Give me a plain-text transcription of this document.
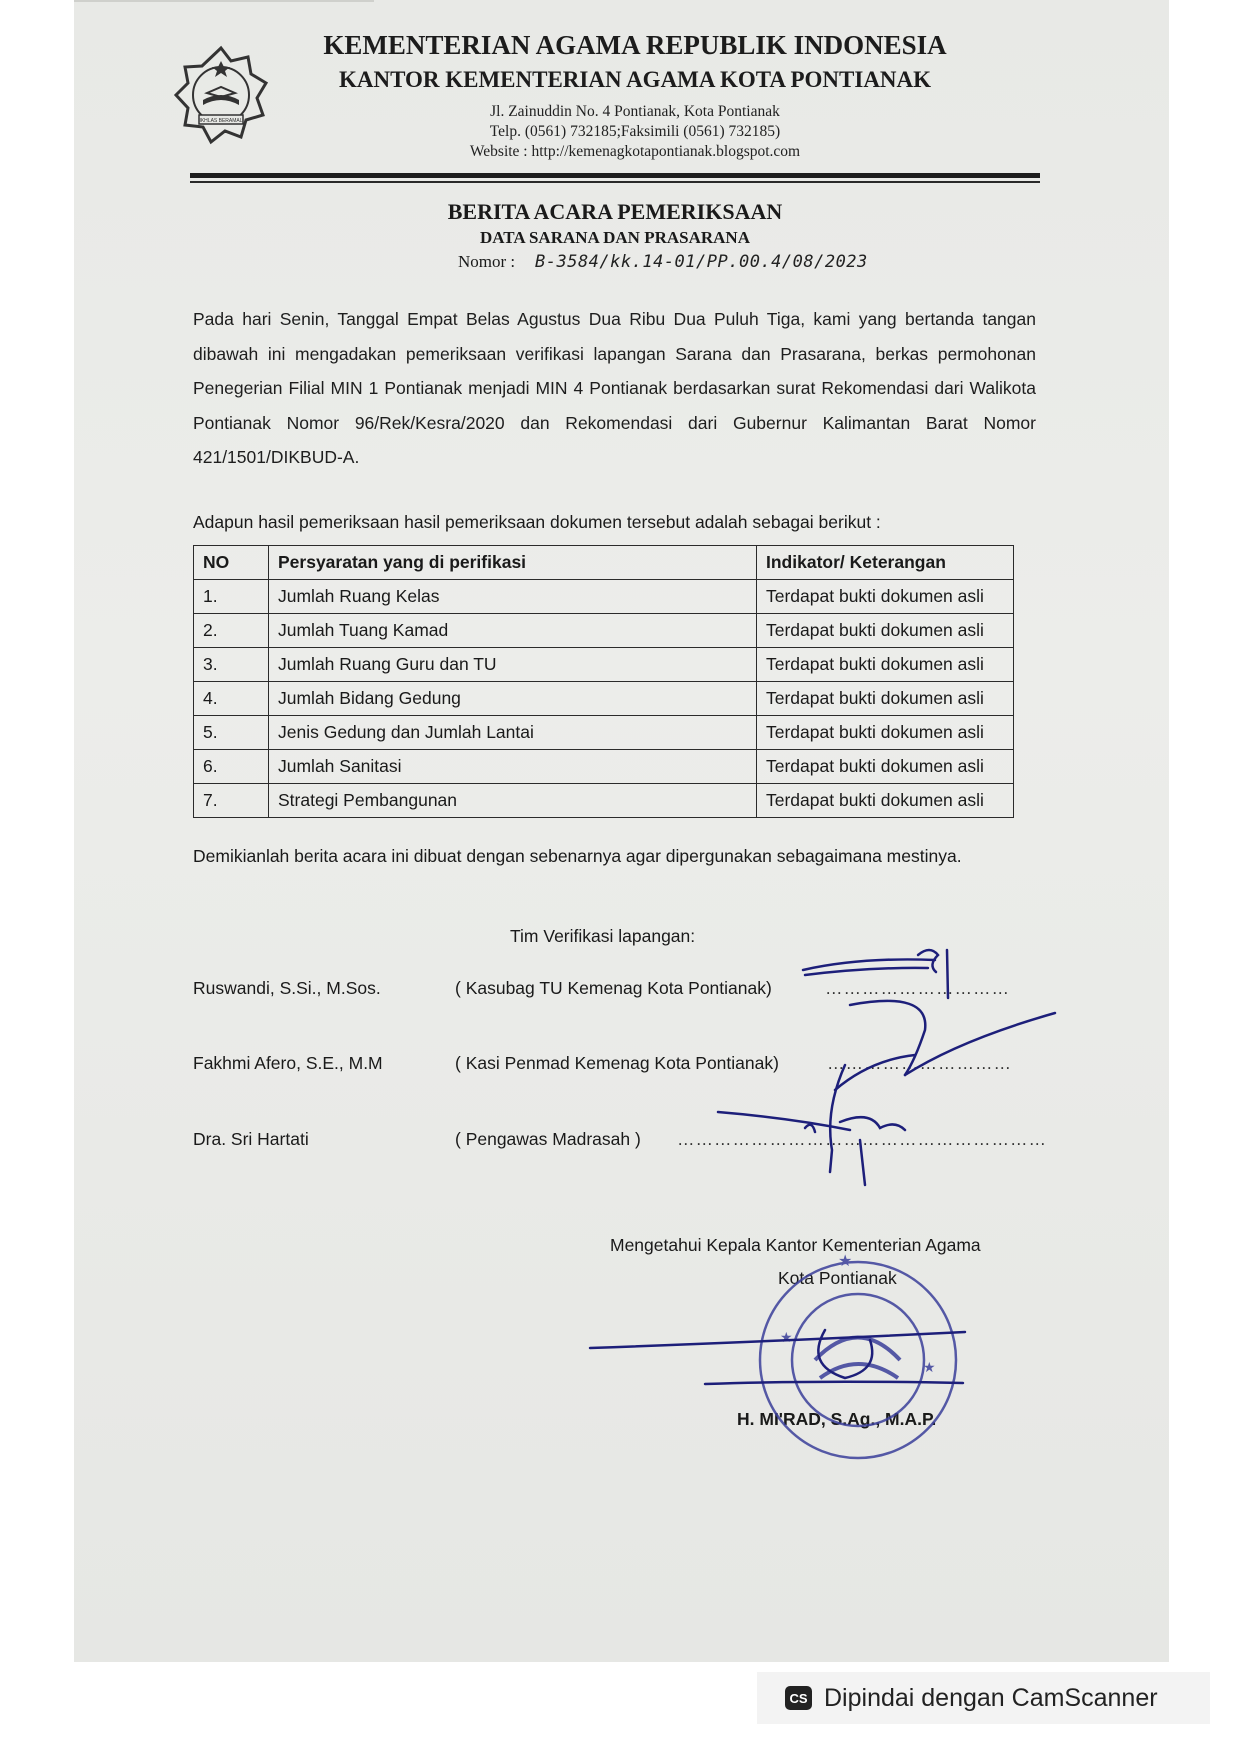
IKHLAS BERAMAL
KEMENTERIAN AGAMA REPUBLIK INDONESIA
KANTOR KEMENTERIAN AGAMA KOTA PONTIANAK
Jl. Zainuddin No. 4 Pontianak, Kota Pontianak
Telp. (0561) 732185;Faksimili (0561) 732185)
Website : http://kemenagkotapontianak.blogspot.com
BERITA ACARA PEMERIKSAAN
DATA SARANA DAN PRASARANA
Nomor : B-3584/kk.14-01/PP.00.4/08/2023
Pada hari Senin, Tanggal Empat Belas Agustus Dua Ribu Dua Puluh Tiga, kami yang bertanda tangan dibawah ini mengadakan pemeriksaan verifikasi lapangan Sarana dan Prasarana, berkas permohonan Penegerian Filial MIN 1 Pontianak menjadi MIN 4 Pontianak berdasarkan surat Rekomendasi dari Walikota Pontianak Nomor 96/Rek/Kesra/2020 dan Rekomendasi dari Gubernur Kalimantan Barat Nomor 421/1501/DIKBUD-A.
Adapun hasil pemeriksaan hasil pemeriksaan dokumen tersebut adalah sebagai berikut :
NO	Persyaratan yang di perifikasi	Indikator/ Keterangan
1.	Jumlah Ruang Kelas	Terdapat bukti dokumen asli
2.	Jumlah Tuang Kamad	Terdapat bukti dokumen asli
3.	Jumlah Ruang Guru dan TU	Terdapat bukti dokumen asli
4.	Jumlah Bidang Gedung	Terdapat bukti dokumen asli
5.	Jenis Gedung dan Jumlah Lantai	Terdapat bukti dokumen asli
6.	Jumlah Sanitasi	Terdapat bukti dokumen asli
7.	Strategi Pembangunan	Terdapat bukti dokumen asli
Demikianlah berita acara ini dibuat dengan sebenarnya agar dipergunakan sebagaimana mestinya.
Tim Verifikasi lapangan:
Ruswandi, S.Si., M.Sos.	( Kasubag TU Kemenag Kota Pontianak)	…………………………
Fakhmi Afero, S.E., M.M	( Kasi Penmad Kemenag Kota Pontianak)	…………………………
Dra. Sri Hartati	( Pengawas Madrasah ) ……………………………………………………
Mengetahui Kepala Kantor Kementerian Agama
Kota Pontianak
H. MI'RAD, S.Ag., M.A.P.
★
★
★
CS Dipindai dengan CamScanner
